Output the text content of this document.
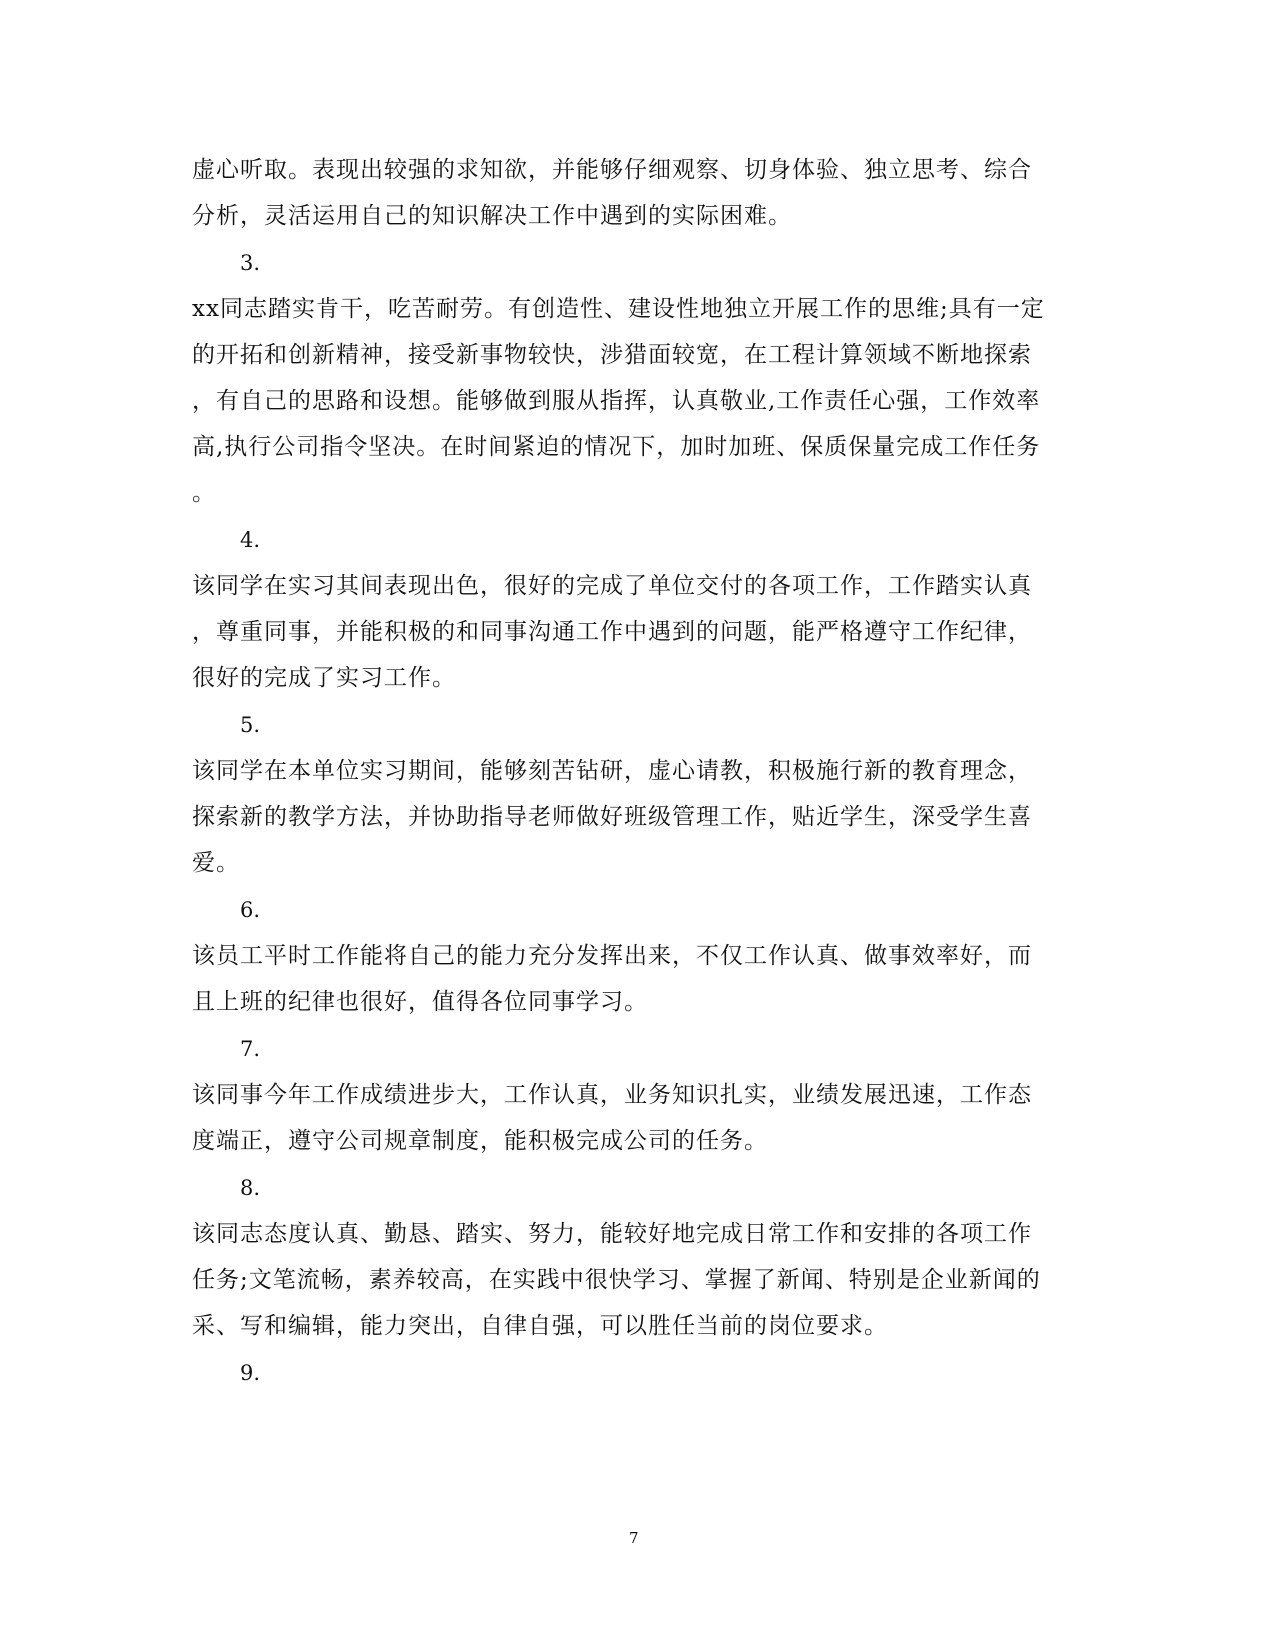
虚心听取。表现出较强的求知欲，并能够仔细观察、切身体验、独立思考、综合
分析，灵活运用自己的知识解决工作中遇到的实际困难。
3.
xx同志踏实肯干，吃苦耐劳。有创造性、建设性地独立开展工作的思维;具有一定
的开拓和创新精神，接受新事物较快，涉猎面较宽，在工程计算领域不断地探索
，有自己的思路和设想。能够做到服从指挥，认真敬业,工作责任心强，工作效率
高,执行公司指令坚决。在时间紧迫的情况下，加时加班、保质保量完成工作任务
。
4.
该同学在实习其间表现出色，很好的完成了单位交付的各项工作，工作踏实认真
，尊重同事，并能积极的和同事沟通工作中遇到的问题，能严格遵守工作纪律，
很好的完成了实习工作。
5.
该同学在本单位实习期间，能够刻苦钻研，虚心请教，积极施行新的教育理念，
探索新的教学方法，并协助指导老师做好班级管理工作，贴近学生，深受学生喜
爱。
6.
该员工平时工作能将自己的能力充分发挥出来，不仅工作认真、做事效率好，而
且上班的纪律也很好，值得各位同事学习。
7.
该同事今年工作成绩进步大，工作认真，业务知识扎实，业绩发展迅速，工作态
度端正，遵守公司规章制度，能积极完成公司的任务。
8.
该同志态度认真、勤恳、踏实、努力，能较好地完成日常工作和安排的各项工作
任务;文笔流畅，素养较高，在实践中很快学习、掌握了新闻、特别是企业新闻的
采、写和编辑，能力突出，自律自强，可以胜任当前的岗位要求。
9.
7
